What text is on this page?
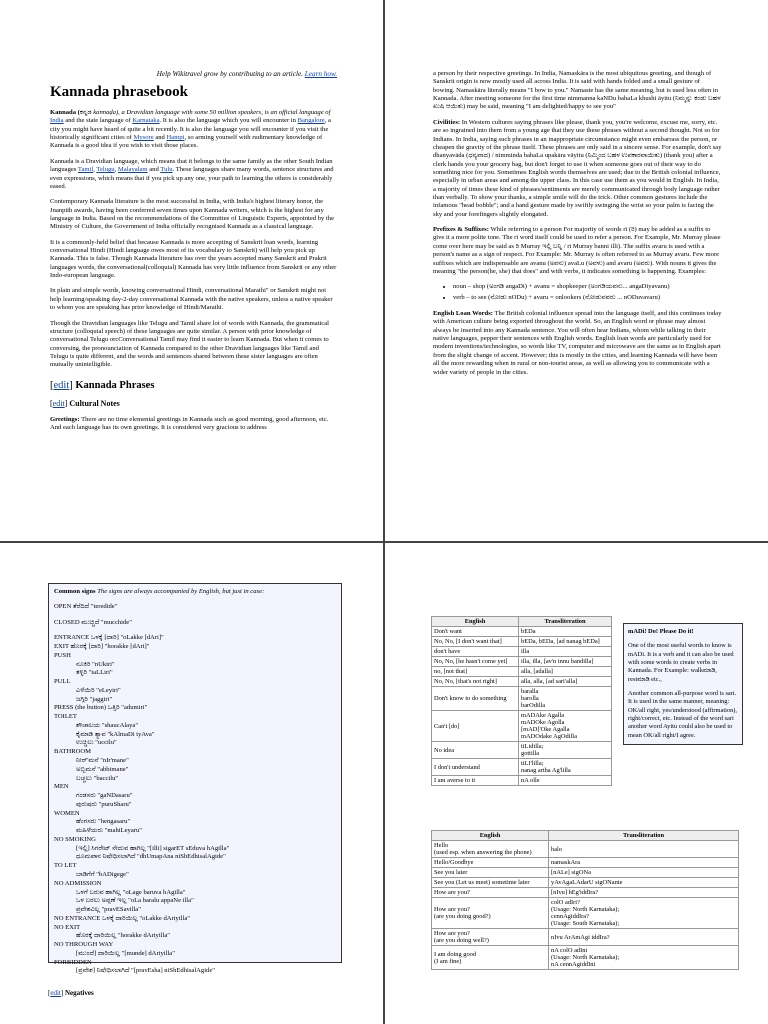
Help Wikitravel grow by contributing to an article. Learn how.
Kannada phrasebook

Kannada (ಕನ್ನಡ kannaḍa), a Dravidian language with some 50 million speakers, is an official language of India and the state language of Karnataka. It is also the language which you will encounter in Bangalore, a city you might have heard of quite a bit recently. It is also the language you will encounter if you visit the historically significant cities of Mysore and Hampi, so arming yourself with rudimentary knowledge of Kannada is a good idea if you wish to visit those places.

Kannada is a Dravidian language, which means that it belongs to the same family as the other South Indian languages Tamil, Telugu, Malayalam and Tulu. These languages share many words, sentence structures and even expressions, which means that if you pick up any one, your path to learning the others is considerably eased.

Contemporary Kannada literature is the most successful in India, with India's highest literary honor, the Jnanpith awards, having been conferred seven times upon Kannada writers, which is the highest for any language in India. Based on the recommendations of the Committee of Linguistic Experts, appointed by the Ministry of Culture, the Government of India officially recognised Kannada as a classical language.

It is a commonly-held belief that because Kannada is more accepting of Sanskrit loan words, learning conversational Hindi (Hindi language owes most of its vocabulary to Sanskrit) will help you pick up Kannada. This is false. Though Kannada literature has over the years accepted many Sanskrit and Prakrit languages words, the conversational(colloquial) Kannada has very little influence from Sanskrit or any other Indo-european language.

In plain and simple words, knowing conversational Hindi, conversational Marathi" or Sanskrit might not help learning/speaking day-2-day conversational Kannada with the native speakers, unless a native speaker to whom you are speaking has prior knowledge of Hindi/Marathi.

Though the Dravidian languages like Telugu and Tamil share lot of words with Kannada, the grammatical structure (colloquial speech) of these languages are quite similar. A person with prior knowledge of conversational Telugu orcConversational Tamil may find it easier to learn Kannada. But when it comes to conversing, the pronounciation of Kannada compared to the other Dravidian languages like Tamil and Telugu is quite different, and the words and sentences shared between these sister languages are often mutually unintelligible.

[edit] Kannada Phrases
[edit] Cultural Notes

Greetings: There are no time elemental greetings in Kannada such as good morning, good afternoon, etc. And each language has its own greetings. It is considered very gracious to address

a person by their respective greetings. In India, Namaskāra is the most ubiquitous greeting, and though of Sanskrit origin is now mostly used all across India. It is said with hands folded and a small gesture of bowing. Namaskāra literally means "I bow to you." Namaste has the same meaning, but is used less often in Kannada. After meeting someone for the first time nimmanna kaNDu bahaLa khushi āyitu (ನಿಮ್ಮನ್ನು ಕಂಡು ಬಹಳ ಖುಷಿ ಆಯಿತು) may be said, meaning "I am delighted/happy to see you"

Civilities: In Western cultures saying phrases like please, thank you, you're welcome, excuse me, sorry, etc. are so ingrained into them from a young age that they use these phrases without a second thought. Not so for Indians. In India, saying such phrases in an inappropriate circumstance might even embarrass the person, or cheapen the gravity of the phrase itself. These phrases are only said in a sincere sense. For example, don't say dhanyavāda (ಧನ್ಯವಾದ) / nimminda bahaLa upakāra vāyitu (ನಿಮ್ಮಿಂದ ಬಹಳ ಉಪಕಾರವಾಯಿತು) (thank you) after a clerk hands you your grocery bag, but don't forget to use it when someone goes out of their way to do something nice for you. Sometimes English words themselves are used; due to the British colonial influence, especially in urban areas and among the upper class. In this case use them as you would in English. In India, a majority of times these kind of phrases/sentiments are merely communicated through body language rather than verbally. To show your thanks, a simple smile will do the trick. Other common gestures include the infamous "head bobble"; and a hand gesture made by swiftly swinging the wrist so your palm is facing the sky and your forefingers slightly elongated.

Prefixes & Suffixes: While referring to a person For majority of words rī (ರಿ) may be added as a suffix to give it a more polite tone. The rī word itself could be used to refer a person. For Example, Mr. Murray please come over here may be said as ರಿ Murray ಇಲ್ಲಿ ಬನ್ನಿ / rī Murray banni illi). The suffix avaru is used with a person's name as a sign of respect. For Example: Mr. Murray is often referred to as Murray avaru. Few more suffixes which are indispensable are avanu (ಅವನು) avaLu (ಅವಳು) and avaru (ಅವರು). With nouns it gives the meaning "the person(he, she) that does" and with verbs, it indicates something is happening. Examples:

• noun – shop (ಅಂಗಡಿ angaDi) + avanu = shopkeeper (ಅಂಗಡಿಯವನು... angaDiyavanu)
• verb – to see (ನೋಡು nODu) + avaru = onlookers (ನೋಡುವವರು ... nODuvavaru)

English Loan Words: The British colonial influence spread into the language itself, and this continues today with American culture being exported throughout the world. So, an English word or phrase may almost always be inserted into any Kannada sentence. You will often hear Indians, whom while talking in their native languages, pepper their sentences with English words. English loan words are particularly used for modern inventions/technologies, so words like TV, computer and microwave are the same as in English apart from the slight change of accent. However; this is mostly in the cities, and learning Kannada will have been all the more rewarding when in rural or non-tourist areas, as well as allowing you to communicate with a wider variety of people in the cities.

Common signs The signs are always accompanied by English, but just in case:
OPEN ತೆರೆದಿದೆ "teredide"
CLOSED ಮುಚ್ಚಿದೆ "mucchide"
ENTRANCE ಒಳಕ್ಕೆ [ದಾರಿ] "oLakke [dAri]"
EXIT ಹೊರಕ್ಕೆ [ದಾರಿ] "horakke [dAri]"
PUSH
ನೂಕಿರಿ "nUkiri"
ತಳ್ಳಿರಿ "taLLiri"
PULL
ಎಳೆಯಿರಿ "eLeyiri"
ಜಗ್ಗಿರಿ "jaggiri"
PRESS (the button) ಒತ್ತಿರಿ "adumiri"
TOILET
ಶೌಚಾಲಯ "shaucAlaya"
ಕೈಮಾಡಿ ತ್ಯಾವ "kAlmaDi tyAva"
ಉಚ್ಚಿಲು "uccilu"
BATHROOM
ನೀರ್'ಮನೆ "nIr'mane"
ಅಬ್ಬಿಮನೆ "abbimane"
ಬಚ್ಚಲು "baccilu"
MEN
ಗಂಡಸರು "gaNDasaru"
ಪುರುಷರು "puruSharu"
WOMEN
ಹೆಂಗಸರು "hengasaru"
ಮಹಿಳೆಯರು "mahiLeyaru"
NO SMOKING
[ಇಲ್ಲಿ] ಸಿಗರೇಟ್ ಸೇದುವ ಹಾಗಿಲ್ಲ "[illi] sigarET sEduva hAgilla"
ಧೂಮಪಾನ ನಿಷೇಧಿಸಲಾಗಿದೆ "dhUmapAna niShEdhisalAgide"
TO LET
ಬಾಡಿಗೆಗೆ "bADigege"
NO ADMISSION
ಒಳಗೆ ಬರುವ ಹಾಗಿಲ್ಲ "oLage baruva hAgilla"
ಒಳ ಬರಲು ಅಪ್ಪಣೆ ಇಲ್ಲ "oLa baralu appaNe illa"
ಪ್ರವೇಶವಿಲ್ಲ "pravESavilla"
NO ENTRANCE ಒಳಕ್ಕೆ ದಾರಿಯಿಲ್ಲ "oLakke dAriyilla"
NO EXIT
ಹೊರಕ್ಕೆ ದಾರಿಯಿಲ್ಲ "horakke dAriyilla"
NO THROUGH WAY
[ಮುಂದೆ] ದಾರಿಯಿಲ್ಲ "[munde] dAriyilla"
FORBIDDEN
[ಪ್ರವೇಶ] ನಿಷೇಧಿಸಲಾಗಿದೆ "[pravEsha] niShEdhisalAgide"
[edit] Negatives
English	Transliteration
Don't want	bEDa
No, No, [I don't want that]	bEDa, bEDa, [ad nanag bEDa]
don't have	illa
No, No, [he hasn't come yet]	illa, illa, [av'n innu bandilla]
no, [not that]	alla, [adalla]
No, No, [that's not right]	alla, alla, [ad sari'alla]
Don't know to do something	baralla
barolla
barOdilla
Can't [do]	mADAke Agalla
mADOke Agolla
[mAD]'Oke Agalla
mADOdake AgOdilla
No idea	tiLidilla;
gottilla
I don't understand	tiLI'lilla;
nanag artha Ag'lilla
I am averse to it	nA olle
mADi! Do! Please Do it!
One of the most useful words to know is mADi. It is a verb and it can also be used with some words to create verbs in Kannada. For Example: walkಮಾಡಿ, restಮಾಡಿ etc.,
Another common all-purpose word is sari. It is used in the same manner, meaning: OK/all right, yes/understood (affirmation), right/correct, etc. Instead of the word sari another word Ayitu could also be used to mean OK/all right/I agree.
English	Transliteration
Hello
(used esp. when answering the phone)	halo
Hello/Goodbye	namaskAra
See you later	[nALe] sigONa
See you (Let us meet) sometime later	yAvAgaLAdarU sigONante
How are you?	[nIvu] hEg'iddIra?
How are you?
(are you doing good?)	colO adIri?
(Usage: North Karnataka);
cennAgiddIra?
(Usage: South Karnataka);
How are you?
(are you doing well?)	nIvu ArAmAgi iddIra?
I am doing good
(I am fine)	nA colO adIni
(Usage: North Karnataka);
nA cennAgiddIni
